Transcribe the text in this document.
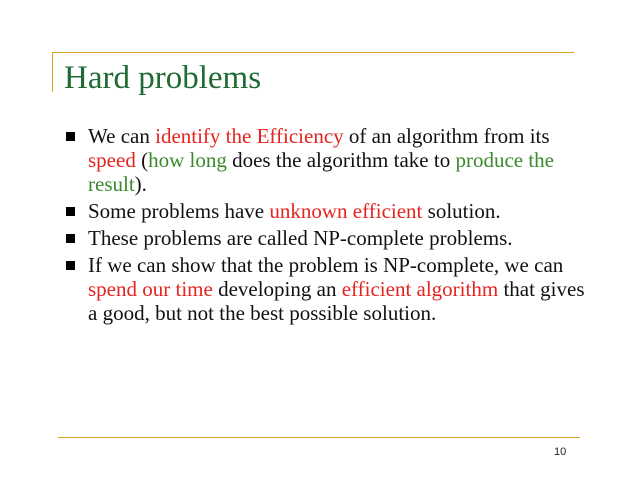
Hard problems
We can identify the Efficiency of an algorithm from its speed (how long does the algorithm take to produce the result).
Some problems have unknown efficient solution.
These problems are called NP-complete problems.
If we can show that the problem is NP-complete, we can spend our time developing an efficient algorithm that gives a good, but not the best possible solution.
10
